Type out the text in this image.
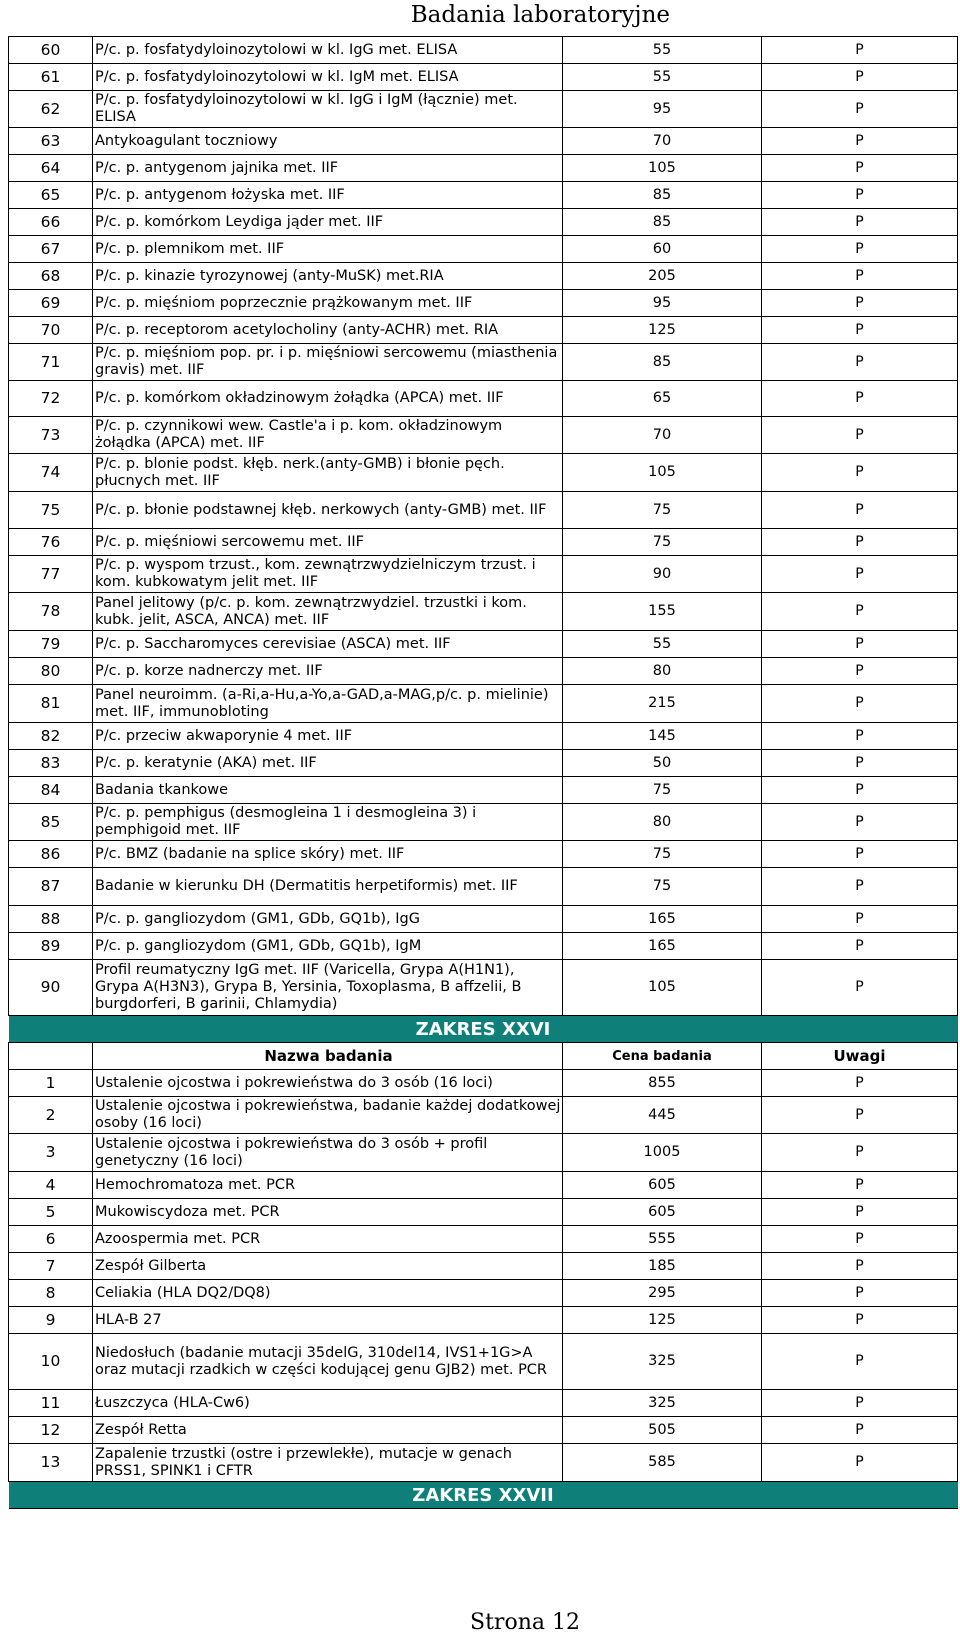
Badania laboratoryjne
60	P/c. p. fosfatydyloinozytolowi w kl. IgG met. ELISA	55	P
61	P/c. p. fosfatydyloinozytolowi w kl. IgM met. ELISA	55	P
62	P/c. p. fosfatydyloinozytolowi w kl. IgG i IgM (łącznie) met. ELISA	95	P
63	Antykoagulant toczniowy	70	P
64	P/c. p. antygenom jajnika met. IIF	105	P
65	P/c. p. antygenom łożyska met. IIF	85	P
66	P/c. p. komórkom Leydiga jąder met. IIF	85	P
67	P/c. p. plemnikom met. IIF	60	P
68	P/c. p. kinazie tyrozynowej (anty-MuSK) met.RIA	205	P
69	P/c. p. mięśniom poprzecznie prążkowanym met. IIF	95	P
70	P/c. p. receptorom acetylocholiny (anty-ACHR) met. RIA	125	P
71	P/c. p. mięśniom pop. pr. i p. mięśniowi sercowemu (miasthenia gravis) met. IIF	85	P
72	P/c. p. komórkom okładzinowym żołądka (APCA) met. IIF	65	P
73	P/c. p. czynnikowi wew. Castle'a i p. kom. okładzinowym żołądka (APCA) met. IIF	70	P
74	P/c. p. blonie podst. kłęb. nerk.(anty-GMB) i błonie pęch. płucnych met. IIF	105	P
75	P/c. p. błonie podstawnej kłęb. nerkowych (anty-GMB) met. IIF	75	P
76	P/c. p. mięśniowi sercowemu met. IIF	75	P
77	P/c. p. wyspom trzust., kom. zewnątrzwydzielniczym trzust. i kom. kubkowatym jelit met. IIF	90	P
78	Panel jelitowy (p/c. p. kom. zewnątrzwydziel. trzustki i kom. kubk. jelit, ASCA, ANCA) met. IIF	155	P
79	P/c. p. Saccharomyces cerevisiae (ASCA) met. IIF	55	P
80	P/c. p. korze nadnerczy met. IIF	80	P
81	Panel neuroimm. (a-Ri,a-Hu,a-Yo,a-GAD,a-MAG,p/c. p. mielinie) met. IIF, immunobloting	215	P
82	P/c. przeciw akwaporynie 4 met. IIF	145	P
83	P/c. p. keratynie (AKA) met. IIF	50	P
84	Badania tkankowe	75	P
85	P/c. p. pemphigus (desmogleina 1 i desmogleina 3) i pemphigoid met. IIF	80	P
86	P/c. BMZ (badanie na splice skóry) met. IIF	75	P
87	Badanie w kierunku DH (Dermatitis herpetiformis) met. IIF	75	P
88	P/c. p. gangliozydom (GM1, GDb, GQ1b), IgG	165	P
89	P/c. p. gangliozydom (GM1, GDb, GQ1b), IgM	165	P
90	Profil reumatyczny IgG met. IIF (Varicella, Grypa A(H1N1), Grypa A(H3N3), Grypa B, Yersinia, Toxoplasma, B affzelii, B burgdorferi, B garinii, Chlamydia)	105	P
ZAKRES XXVI			
	Nazwa badania	Cena badania	Uwagi
1	Ustalenie ojcostwa i pokrewieństwa do 3 osób (16 loci)	855	P
2	Ustalenie ojcostwa i pokrewieństwa, badanie każdej dodatkowej osoby (16 loci)	445	P
3	Ustalenie ojcostwa i pokrewieństwa do 3 osób + profil genetyczny (16 loci)	1005	P
4	Hemochromatoza met. PCR	605	P
5	Mukowiscydoza met. PCR	605	P
6	Azoospermia met. PCR	555	P
7	Zespół Gilberta	185	P
8	Celiakia (HLA DQ2/DQ8)	295	P
9	HLA-B 27	125	P
10	Niedosłuch (badanie mutacji 35delG, 310del14, IVS1+1G>A oraz mutacji rzadkich w części kodującej genu GJB2) met. PCR	325	P
11	Łuszczyca (HLA-Cw6)	325	P
12	Zespół Retta	505	P
13	Zapalenie trzustki (ostre i przewlekłe), mutacje w genach PRSS1, SPINK1 i CFTR	585	P
ZAKRES XXVII			
Strona 12
